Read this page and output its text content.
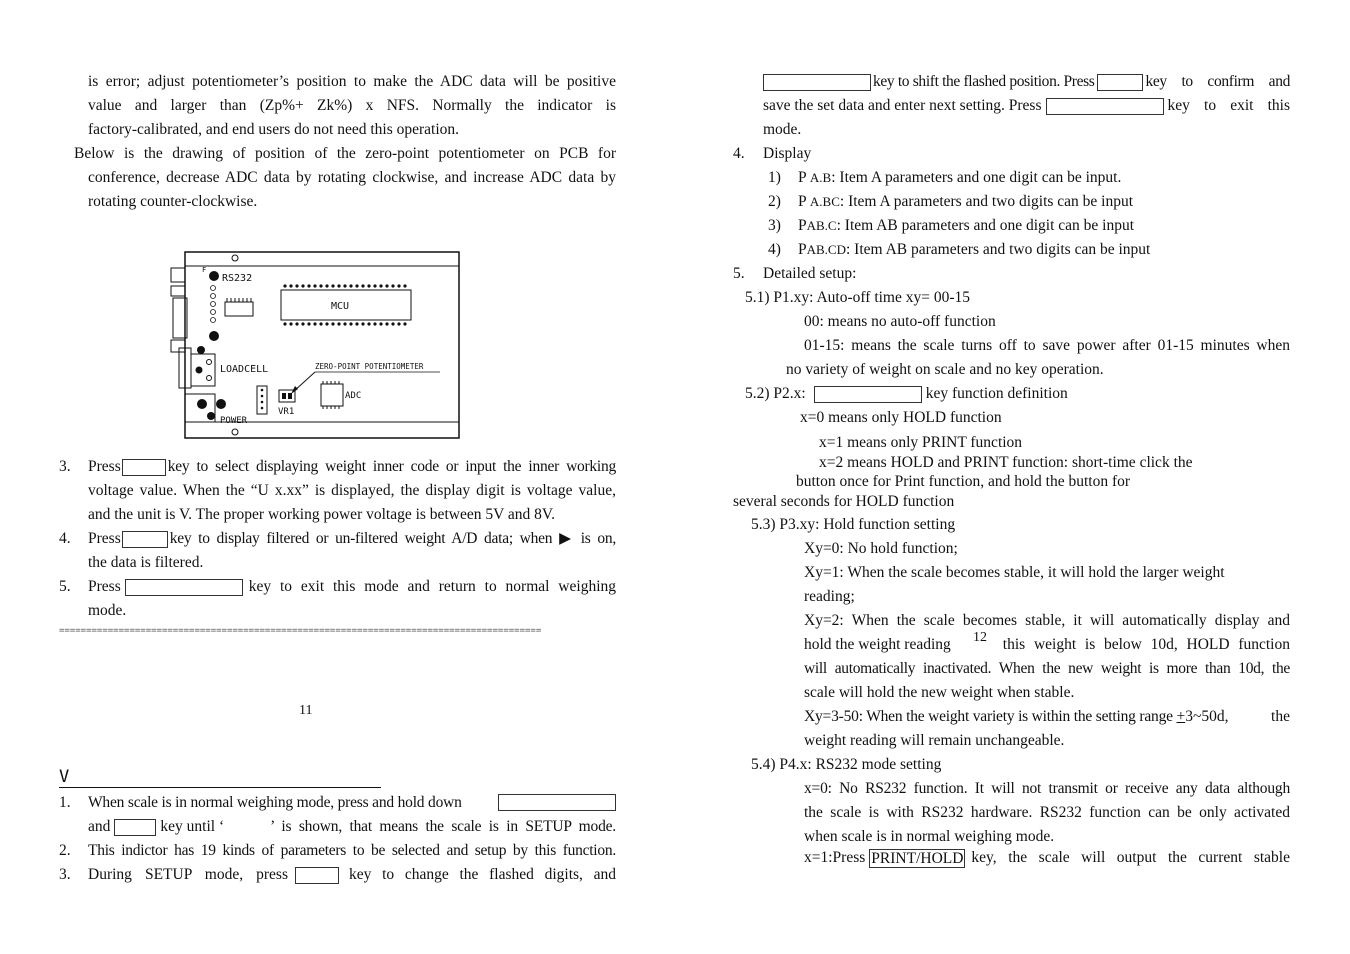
is error; adjust potentiometer’s position to make the ADC data will be positive
value and larger than (Zp%+ Zk%) x NFS. Normally the indicator is
factory-calibrated, and end users do not need this operation.
Below is the drawing of position of the zero-point potentiometer on PCB for
conference, decrease ADC data by rotating clockwise, and increase ADC data by
rotating counter-clockwise.
F
RS232
MCU
LOADCELL	ZERO-POINT POTENTIOMETER
ADC
VR1
POWER
3. Press	key to select displaying weight inner code or input the inner working
voltage value. When the “U x.xx” is displayed, the display digit is voltage value,
and the unit is V. The proper working power voltage is between 5V and 8V.
4. Press	key to display filtered or un-filtered weight A/D data; when ▶ is on,
the data is filtered.
5. Press	key to exit this mode and return to normal weighing
mode.
=========================================================================================
11
V
1. When scale is in normal weighing mode, press and hold down
and	key until ‘	’ is shown, that means the scale is in SETUP mode.
2. This indictor has 19 kinds of parameters to be selected and setup by this function.
3. During SETUP mode, press	key to change the flashed digits, and
key to shift the flashed position. Press	key to confirm and
save the set data and enter next setting. Press	key to exit this
mode.
4. Display
1) P A.B: Item A parameters and one digit can be input.
2) P A.BC: Item A parameters and two digits can be input
3) PAB.C: Item AB parameters and one digit can be input
4) PAB.CD: Item AB parameters and two digits can be input
5. Detailed setup:
5.1) P1.xy: Auto-off time xy= 00-15
00: means no auto-off function
01-15: means the scale turns off to save power after 01-15 minutes when
no variety of weight on scale and no key operation.
5.2) P2.x:	key function definition
x=0 means only HOLD function
x=1 means only PRINT function
x=2 means HOLD and PRINT function: short-time click the
button once for Print function, and hold the button for
several seconds for HOLD function
5.3) P3.xy: Hold function setting
Xy=0: No hold function;
Xy=1: When the scale becomes stable, it will hold the larger weight
reading;
Xy=2: When the scale becomes stable, it will automatically display and
hold the weight reading	this weight is below 10d, HOLD function
12
will automatically inactivated. When the new weight is more than 10d, the
scale will hold the new weight when stable.
Xy=3-50: When the weight variety is within the setting range + 3~50d, the
weight reading will remain unchangeable.
5.4) P4.x: RS232 mode setting
x=0: No RS232 function. It will not transmit or receive any data although
the scale is with RS232 hardware. RS232 function can be only activated
when scale is in normal weighing mode.
x=1:Press PRINT/HOLD key, the scale will output the current stable
